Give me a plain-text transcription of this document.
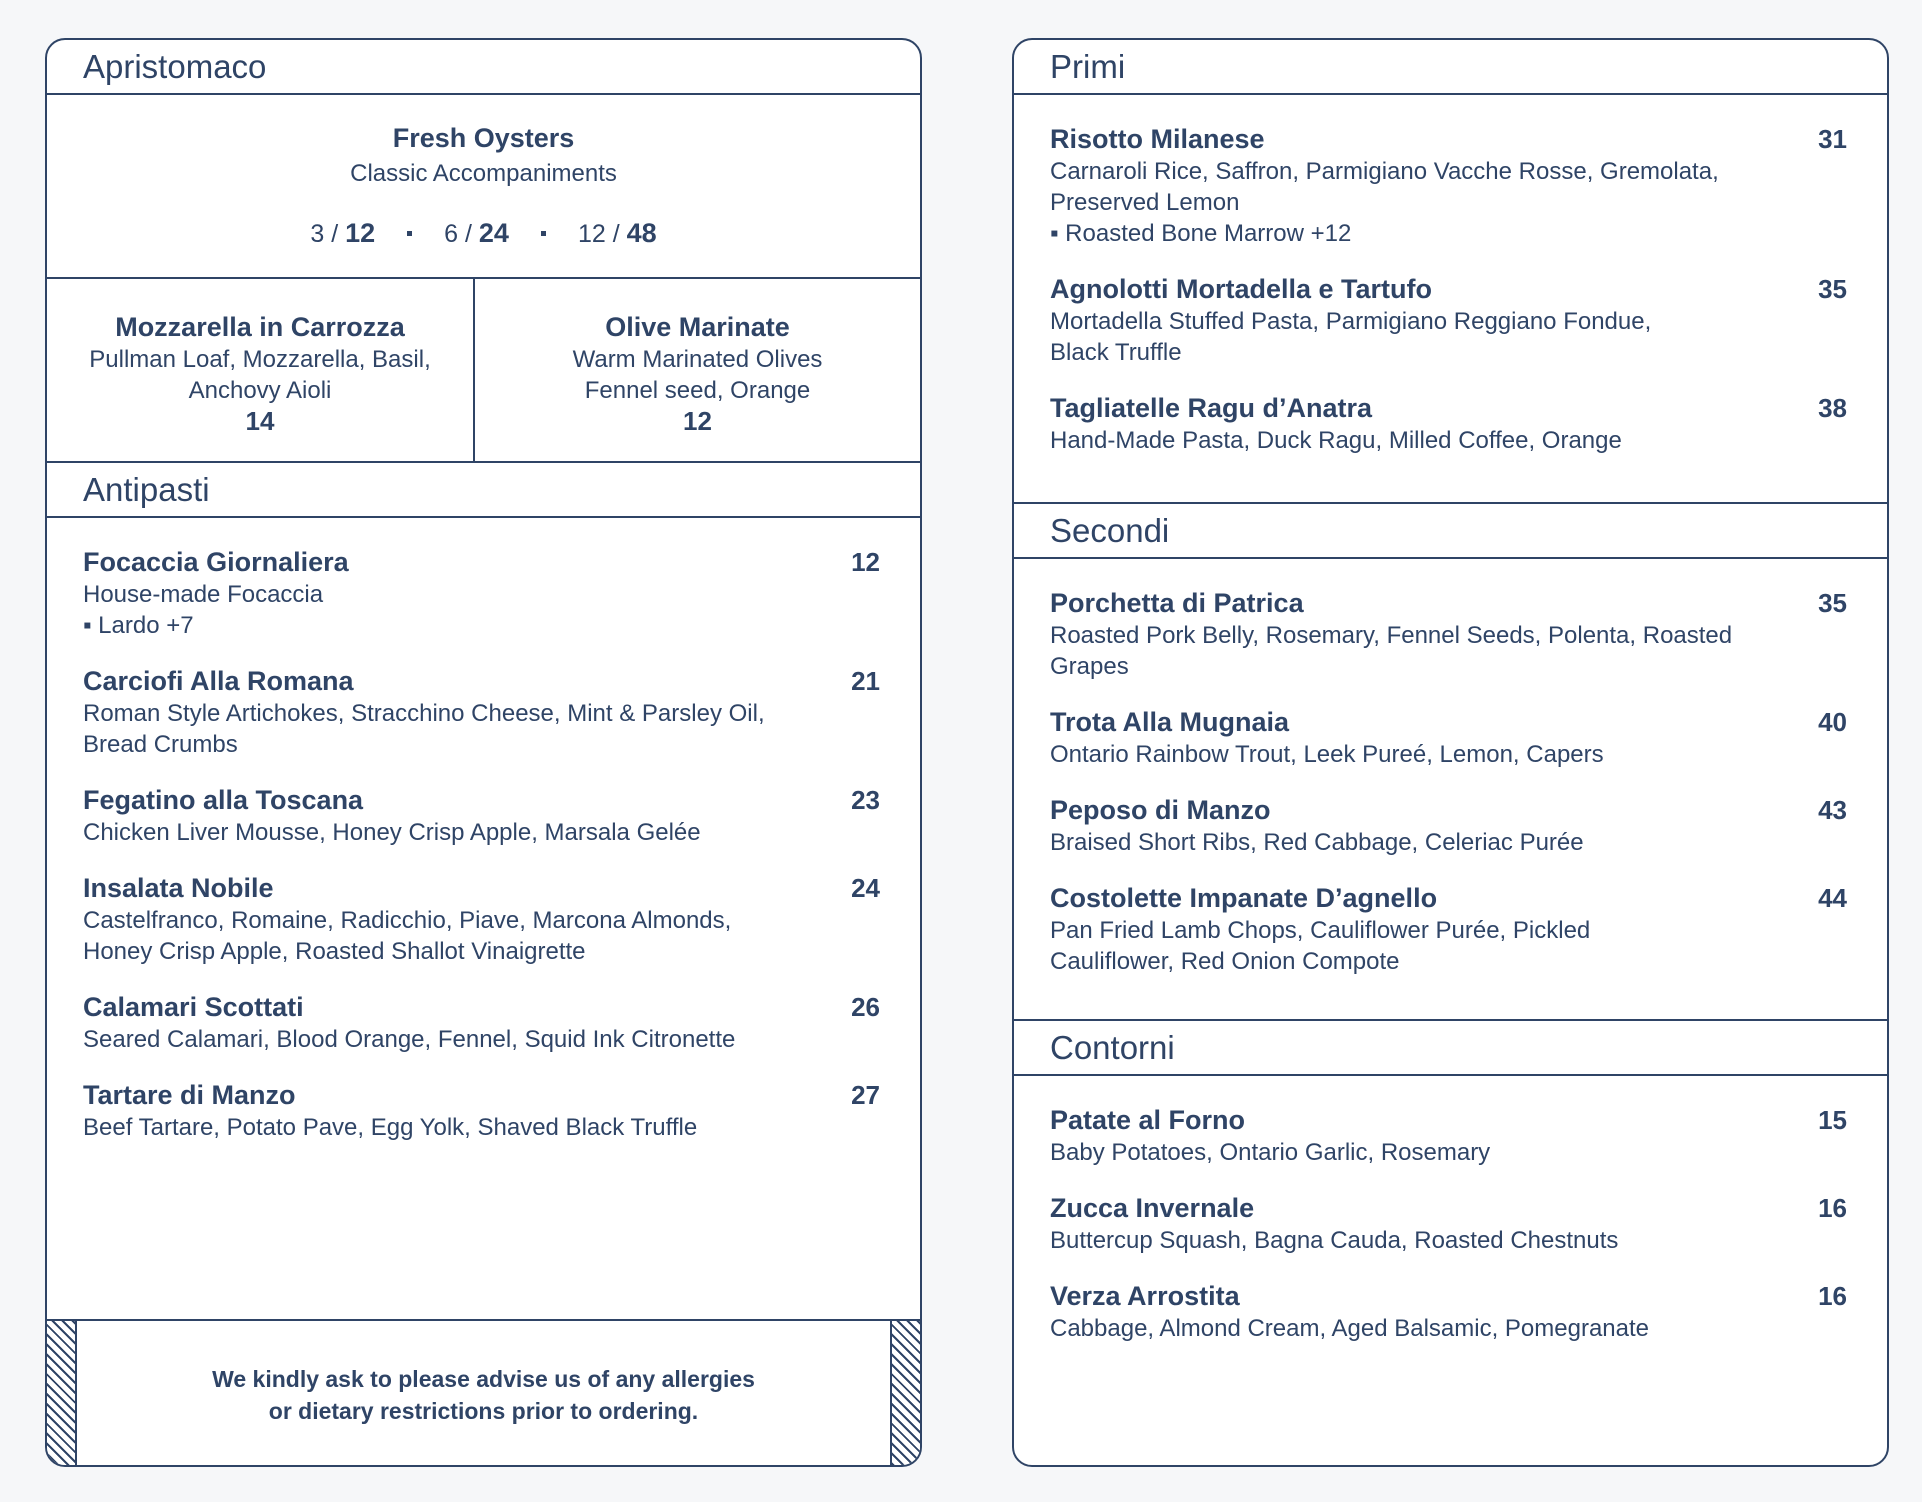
Apristomaco
Fresh Oysters
Classic Accompaniments
3 / 12	6 / 24	12 / 48
Mozzarella in Carrozza
Pullman Loaf, Mozzarella, Basil,
Anchovy Aioli
14
Olive Marinate
Warm Marinated Olives
Fennel seed, Orange
12
Antipasti
Focaccia Giornaliera	12
House-made Focaccia
▪ Lardo +7
Carciofi Alla Romana	21
Roman Style Artichokes, Stracchino Cheese, Mint & Parsley Oil, Bread Crumbs
Fegatino alla Toscana	23
Chicken Liver Mousse, Honey Crisp Apple, Marsala Gelée
Insalata Nobile	24
Castelfranco, Romaine, Radicchio, Piave, Marcona Almonds, Honey Crisp Apple, Roasted Shallot Vinaigrette
Calamari Scottati	26
Seared Calamari, Blood Orange, Fennel, Squid Ink Citronette
Tartare di Manzo	27
Beef Tartare, Potato Pave, Egg Yolk, Shaved Black Truffle
We kindly ask to please advise us of any allergies
or dietary restrictions prior to ordering.
Primi
Risotto Milanese	31
Carnaroli Rice, Saffron, Parmigiano Vacche Rosse, Gremolata, Preserved Lemon
▪ Roasted Bone Marrow +12
Agnolotti Mortadella e Tartufo	35
Mortadella Stuffed Pasta, Parmigiano Reggiano Fondue, Black Truffle
Tagliatelle Ragu d’Anatra	38
Hand-Made Pasta, Duck Ragu, Milled Coffee, Orange
Secondi
Porchetta di Patrica	35
Roasted Pork Belly, Rosemary, Fennel Seeds, Polenta, Roasted Grapes
Trota Alla Mugnaia	40
Ontario Rainbow Trout, Leek Pureé, Lemon, Capers
Peposo di Manzo	43
Braised Short Ribs, Red Cabbage, Celeriac Purée
Costolette Impanate D’agnello	44
Pan Fried Lamb Chops, Cauliflower Purée, Pickled Cauliflower, Red Onion Compote
Contorni
Patate al Forno	15
Baby Potatoes, Ontario Garlic, Rosemary
Zucca Invernale	16
Buttercup Squash, Bagna Cauda, Roasted Chestnuts
Verza Arrostita	16
Cabbage, Almond Cream, Aged Balsamic, Pomegranate
